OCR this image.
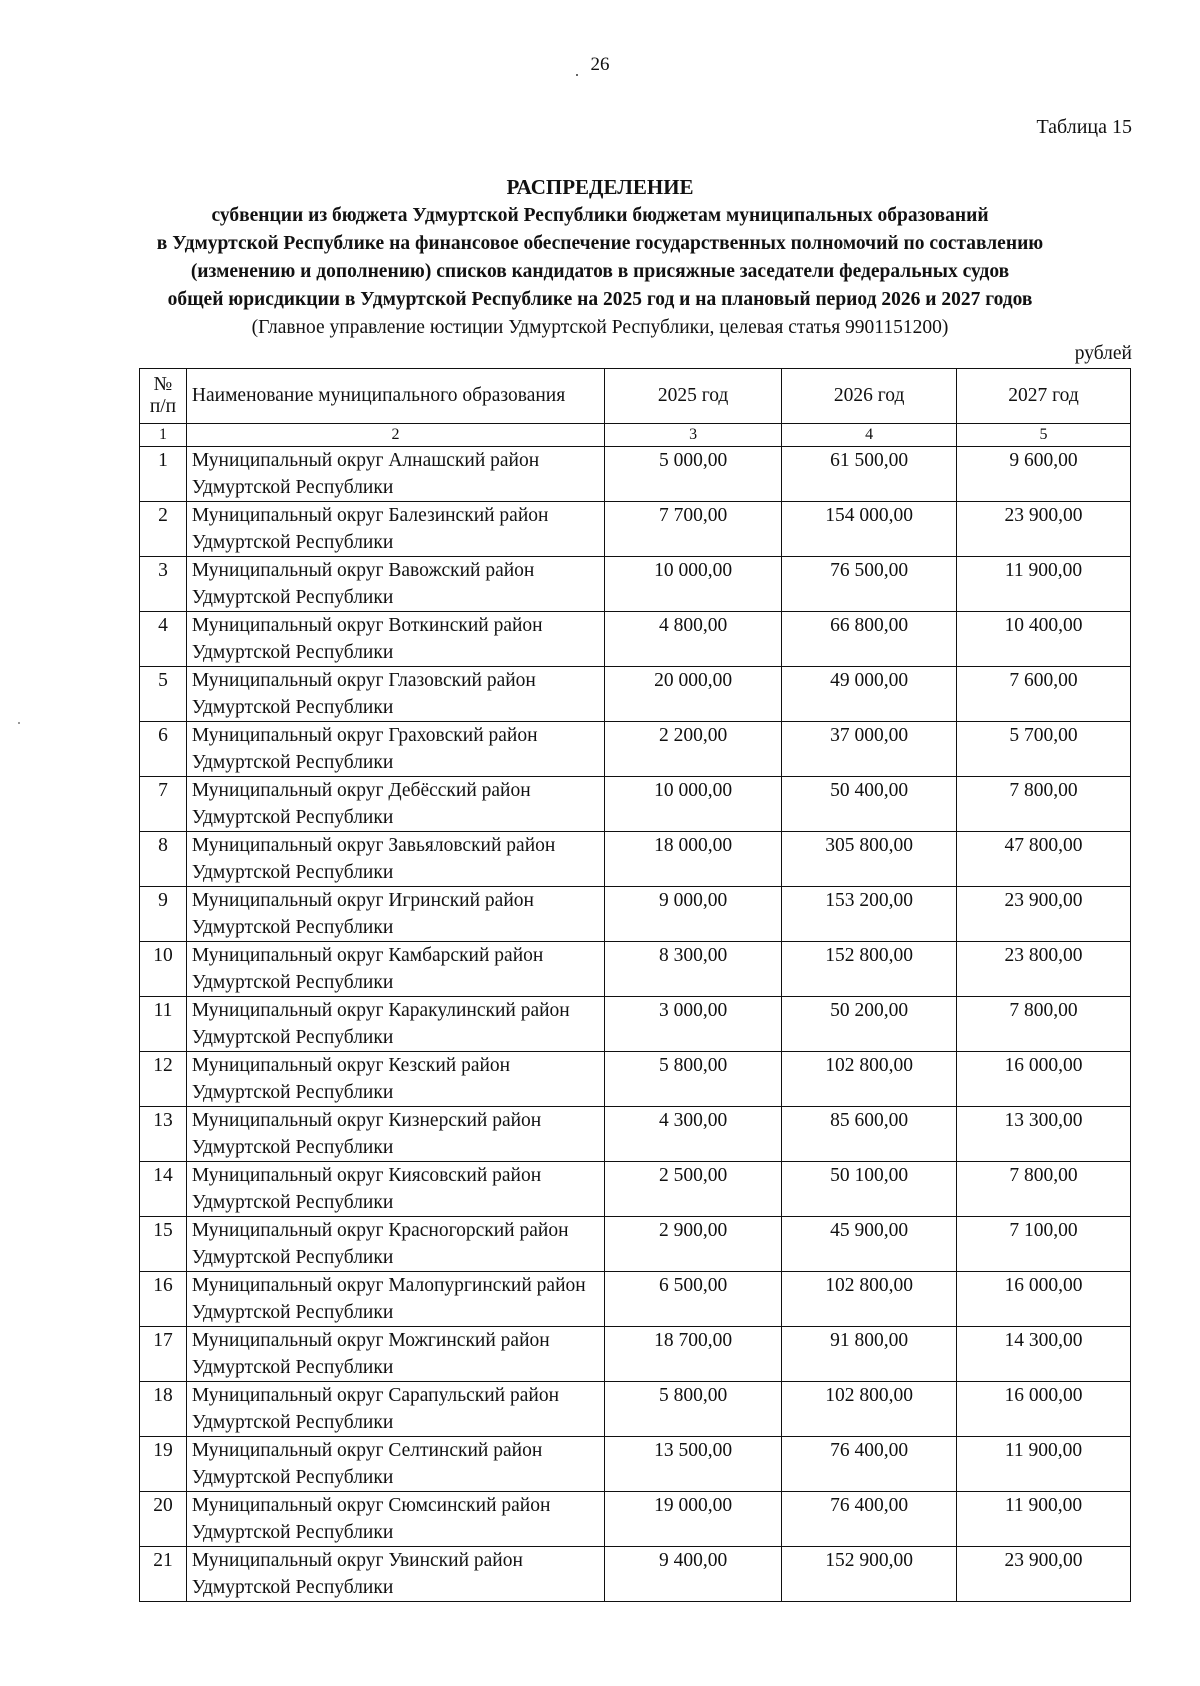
26
Таблица 15
РАСПРЕДЕЛЕНИЕ
субвенции из бюджета Удмуртской Республики бюджетам муниципальных образований
в Удмуртской Республике на финансовое обеспечение государственных полномочий по составлению
(изменению и дополнению) списков кандидатов в присяжные заседатели федеральных судов
общей юрисдикции в Удмуртской Республике на 2025 год и на плановый период 2026 и 2027 годов
(Главное управление юстиции Удмуртской Республики, целевая статья 9901151200)
рублей
№
п/п	Наименование муниципального образования	2025 год	2026 год	2027 год
1	2	3	4	5
1	Муниципальный округ Алнашский район Удмуртской Республики	5 000,00	61 500,00	9 600,00
2	Муниципальный округ Балезинский район Удмуртской Республики	7 700,00	154 000,00	23 900,00
3	Муниципальный округ Вавожский район Удмуртской Республики	10 000,00	76 500,00	11 900,00
4	Муниципальный округ Воткинский район Удмуртской Республики	4 800,00	66 800,00	10 400,00
5	Муниципальный округ Глазовский район Удмуртской Республики	20 000,00	49 000,00	7 600,00
6	Муниципальный округ Граховский район Удмуртской Республики	2 200,00	37 000,00	5 700,00
7	Муниципальный округ Дебёсский район Удмуртской Республики	10 000,00	50 400,00	7 800,00
8	Муниципальный округ Завьяловский район Удмуртской Республики	18 000,00	305 800,00	47 800,00
9	Муниципальный округ Игринский район Удмуртской Республики	9 000,00	153 200,00	23 900,00
10	Муниципальный округ Камбарский район Удмуртской Республики	8 300,00	152 800,00	23 800,00
11	Муниципальный округ Каракулинский район Удмуртской Республики	3 000,00	50 200,00	7 800,00
12	Муниципальный округ Кезский район Удмуртской Республики	5 800,00	102 800,00	16 000,00
13	Муниципальный округ Кизнерский район Удмуртской Республики	4 300,00	85 600,00	13 300,00
14	Муниципальный округ Киясовский район Удмуртской Республики	2 500,00	50 100,00	7 800,00
15	Муниципальный округ Красногорский район Удмуртской Республики	2 900,00	45 900,00	7 100,00
16	Муниципальный округ Малопургинский район Удмуртской Республики	6 500,00	102 800,00	16 000,00
17	Муниципальный округ Можгинский район Удмуртской Республики	18 700,00	91 800,00	14 300,00
18	Муниципальный округ Сарапульский район Удмуртской Республики	5 800,00	102 800,00	16 000,00
19	Муниципальный округ Селтинский район Удмуртской Республики	13 500,00	76 400,00	11 900,00
20	Муниципальный округ Сюмсинский район Удмуртской Республики	19 000,00	76 400,00	11 900,00
21	Муниципальный округ Увинский район Удмуртской Республики	9 400,00	152 900,00	23 900,00
